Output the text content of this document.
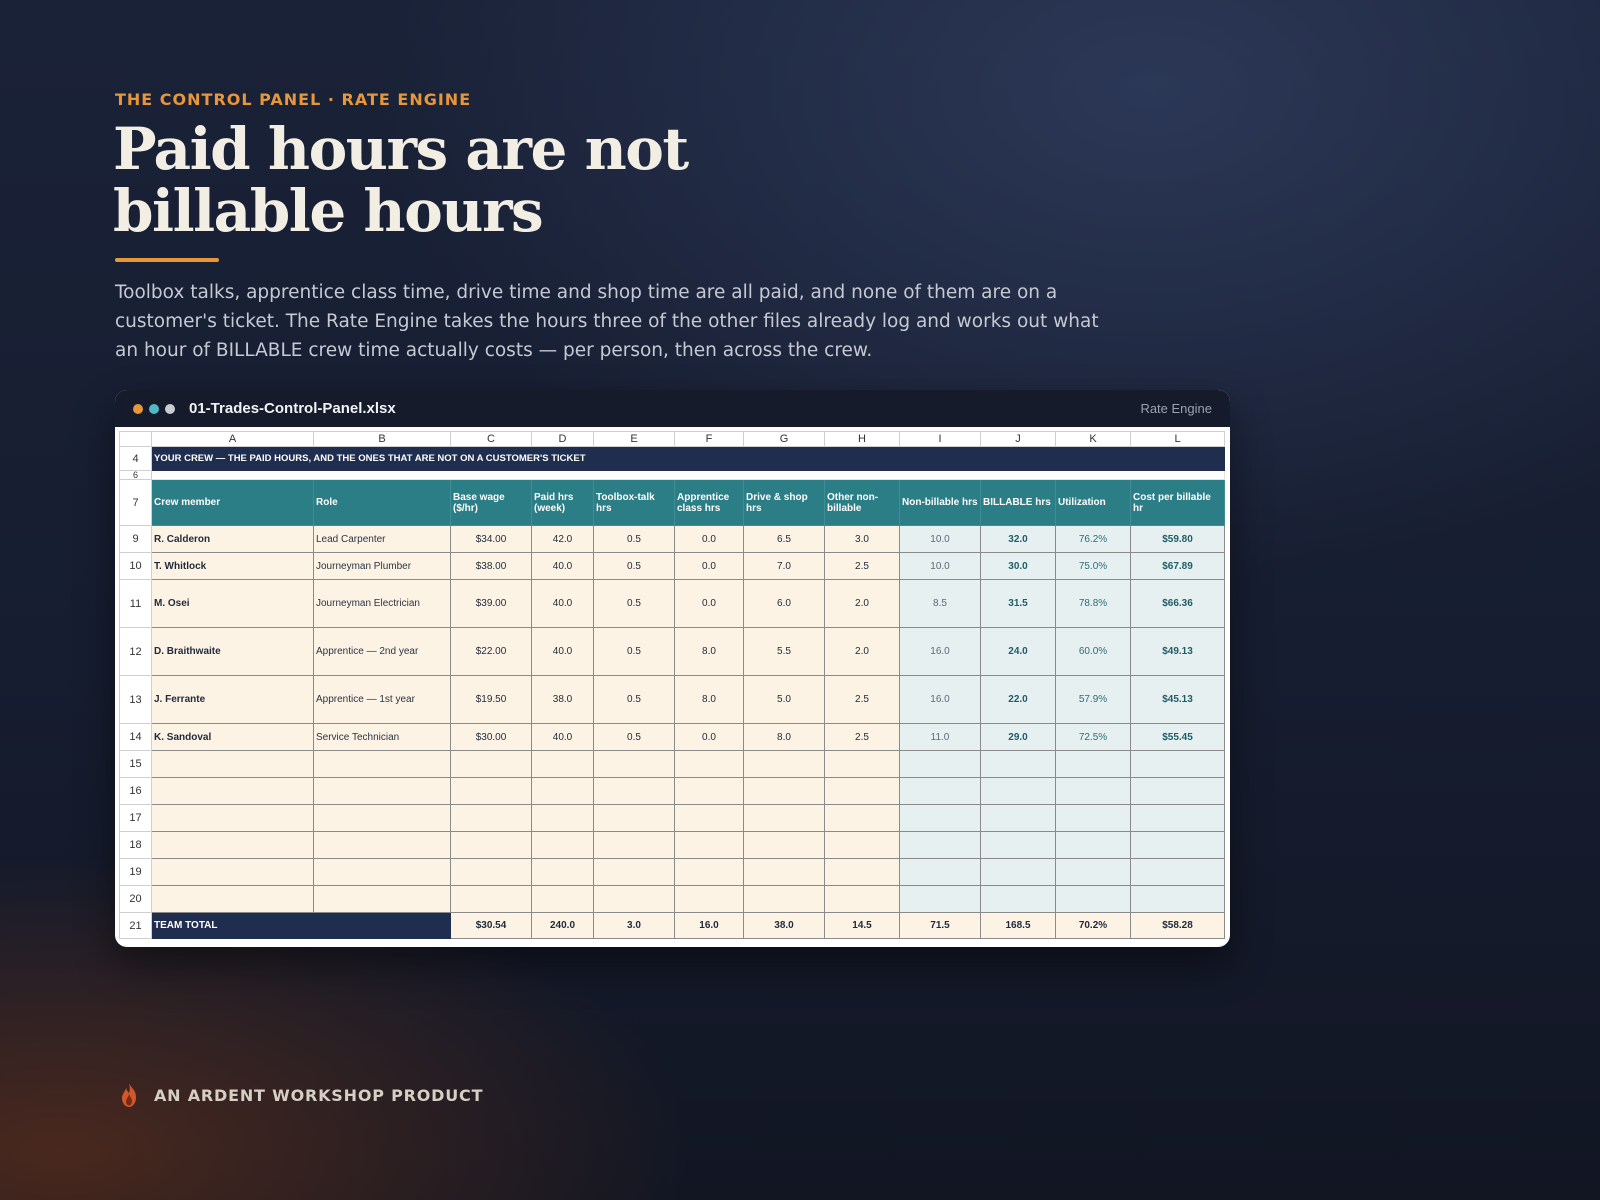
THE CONTROL PANEL · RATE ENGINE
Paid hours are not
billable hours

Toolbox talks, apprentice class time, drive time and shop time are all paid, and none of them are on a customer's ticket. The Rate Engine takes the hours three of the other files already log and works out what an hour of BILLABLE crew time actually costs — per person, then across the crew.

01-Trades-Control-Panel.xlsx	Rate Engine
	A	B	C	D	E	F	G	H	I	J	K	L
4	YOUR CREW — THE PAID HOURS, AND THE ONES THAT ARE NOT ON A CUSTOMER'S TICKET											
6												
7	Crew member	Role	Base wage ($/hr)	Paid hrs (week)	Toolbox-talk hrs	Apprentice class hrs	Drive & shop hrs	Other non-billable	Non-billable hrs	BILLABLE hrs	Utilization	Cost per billable hr
9	R. Calderon	Lead Carpenter	$34.00	42.0	0.5	0.0	6.5	3.0	10.0	32.0	76.2%	$59.80
10	T. Whitlock	Journeyman Plumber	$38.00	40.0	0.5	0.0	7.0	2.5	10.0	30.0	75.0%	$67.89
11	M. Osei	Journeyman Electrician	$39.00	40.0	0.5	0.0	6.0	2.0	8.5	31.5	78.8%	$66.36
12	D. Braithwaite	Apprentice — 2nd year	$22.00	40.0	0.5	8.0	5.5	2.0	16.0	24.0	60.0%	$49.13
13	J. Ferrante	Apprentice — 1st year	$19.50	38.0	0.5	8.0	5.0	2.5	16.0	22.0	57.9%	$45.13
14	K. Sandoval	Service Technician	$30.00	40.0	0.5	0.0	8.0	2.5	11.0	29.0	72.5%	$55.45
15												
16												
17												
18												
19												
20												
21	TEAM TOTAL		$30.54	240.0	3.0	16.0	38.0	14.5	71.5	168.5	70.2%	$58.28
AN ARDENT WORKSHOP PRODUCT
